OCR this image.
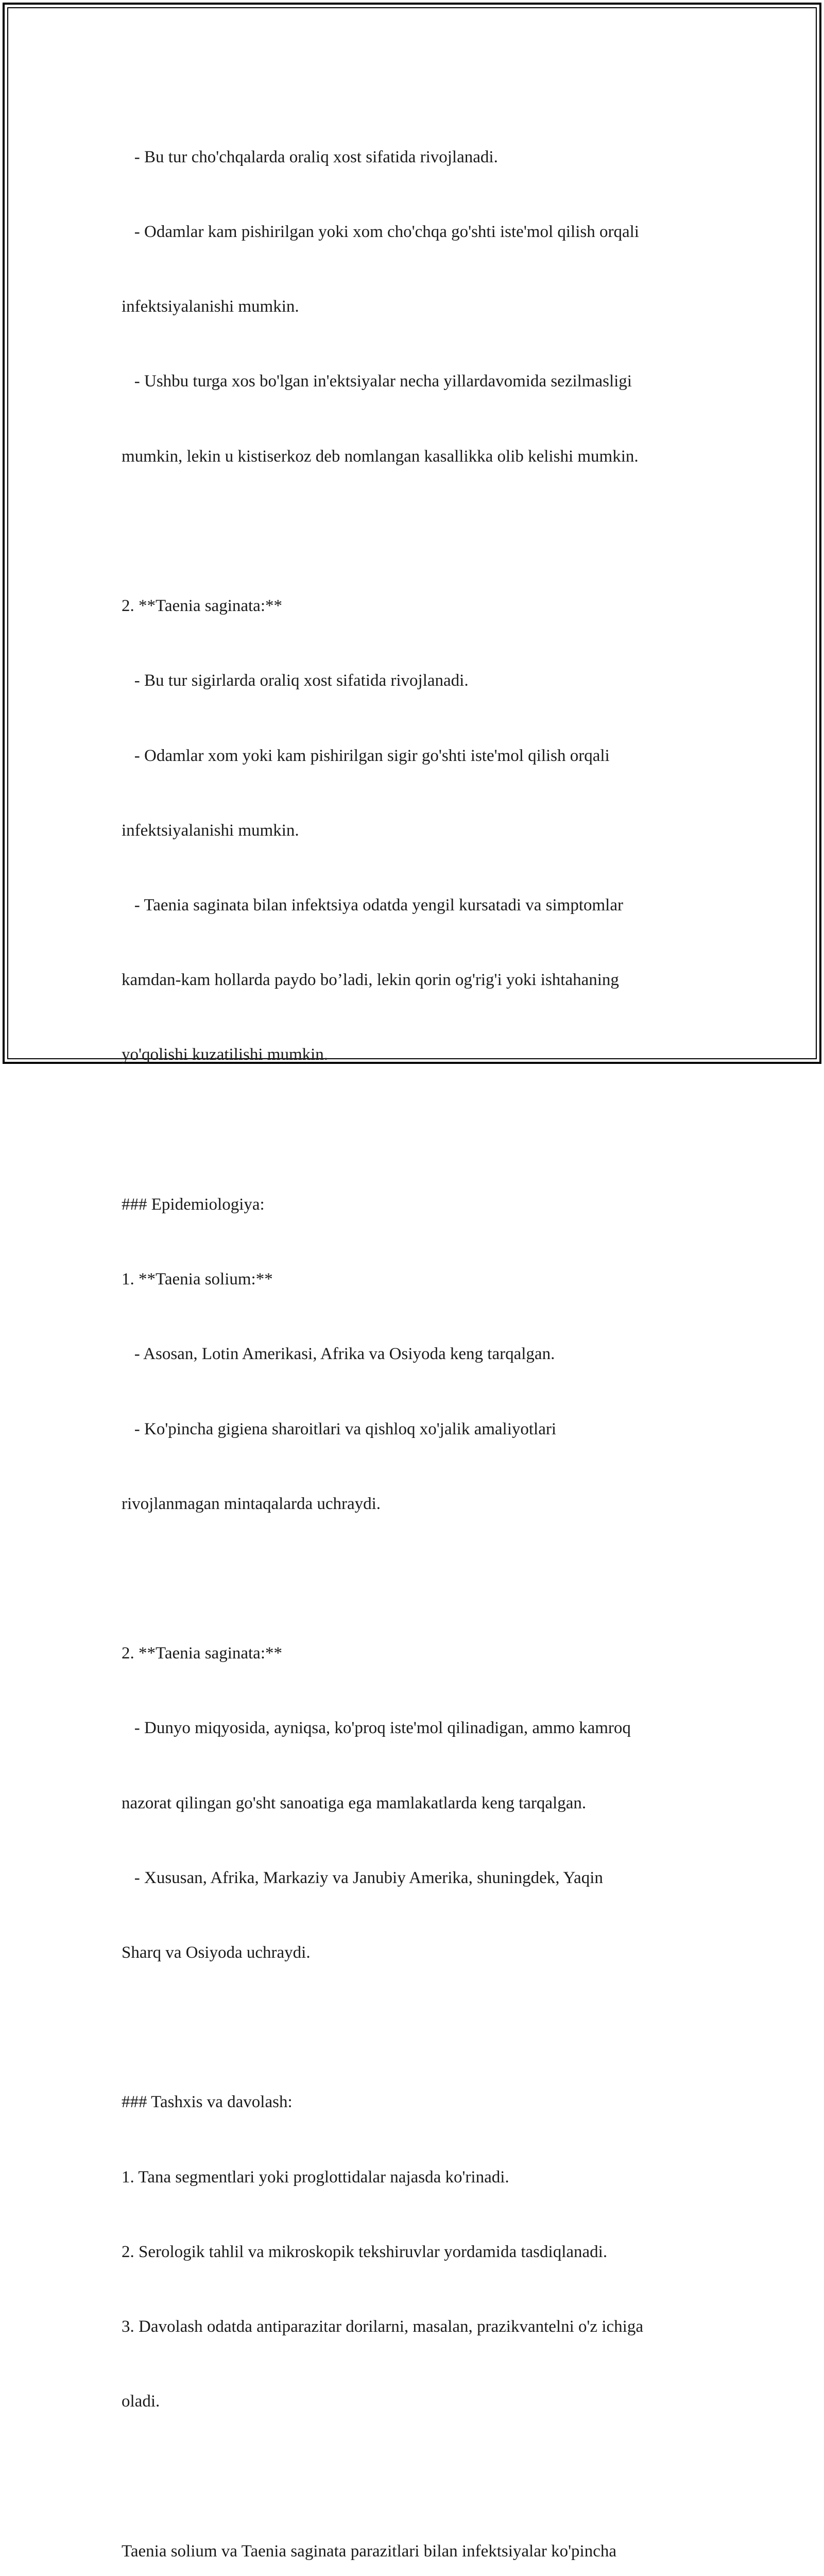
- Bu tur cho'chqalarda oraliq xost sifatida rivojlanadi.

- Odamlar kam pishirilgan yoki xom cho'chqa go'shti iste'mol qilish orqali

infektsiyalanishi mumkin.

- Ushbu turga xos bo'lgan in'ektsiyalar necha yillardavomida sezilmasligi

mumkin, lekin u kistiserkoz deb nomlangan kasallikka olib kelishi mumkin.

2. **Taenia saginata:**

- Bu tur sigirlarda oraliq xost sifatida rivojlanadi.

- Odamlar xom yoki kam pishirilgan sigir go'shti iste'mol qilish orqali

infektsiyalanishi mumkin.

- Taenia saginata bilan infektsiya odatda yengil kursatadi va simptomlar

kamdan-kam hollarda paydo bo’ladi, lekin qorin og'rig'i yoki ishtahaning

yo'qolishi kuzatilishi mumkin.

### Epidemiologiya:

1. **Taenia solium:**

- Asosan, Lotin Amerikasi, Afrika va Osiyoda keng tarqalgan.

- Ko'pincha gigiena sharoitlari va qishloq xo'jalik amaliyotlari

rivojlanmagan mintaqalarda uchraydi.

2. **Taenia saginata:**

- Dunyo miqyosida, ayniqsa, ko'proq iste'mol qilinadigan, ammo kamroq

nazorat qilingan go'sht sanoatiga ega mamlakatlarda keng tarqalgan.

- Xususan, Afrika, Markaziy va Janubiy Amerika, shuningdek, Yaqin

Sharq va Osiyoda uchraydi.

### Tashxis va davolash:

1. Tana segmentlari yoki proglottidalar najasda ko'rinadi.

2. Serologik tahlil va mikroskopik tekshiruvlar yordamida tasdiqlanadi.

3. Davolash odatda antiparazitar dorilarni, masalan, prazikvantelni o'z ichiga

oladi.

Taenia solium va Taenia saginata parazitlari bilan infektsiyalar ko'pincha
